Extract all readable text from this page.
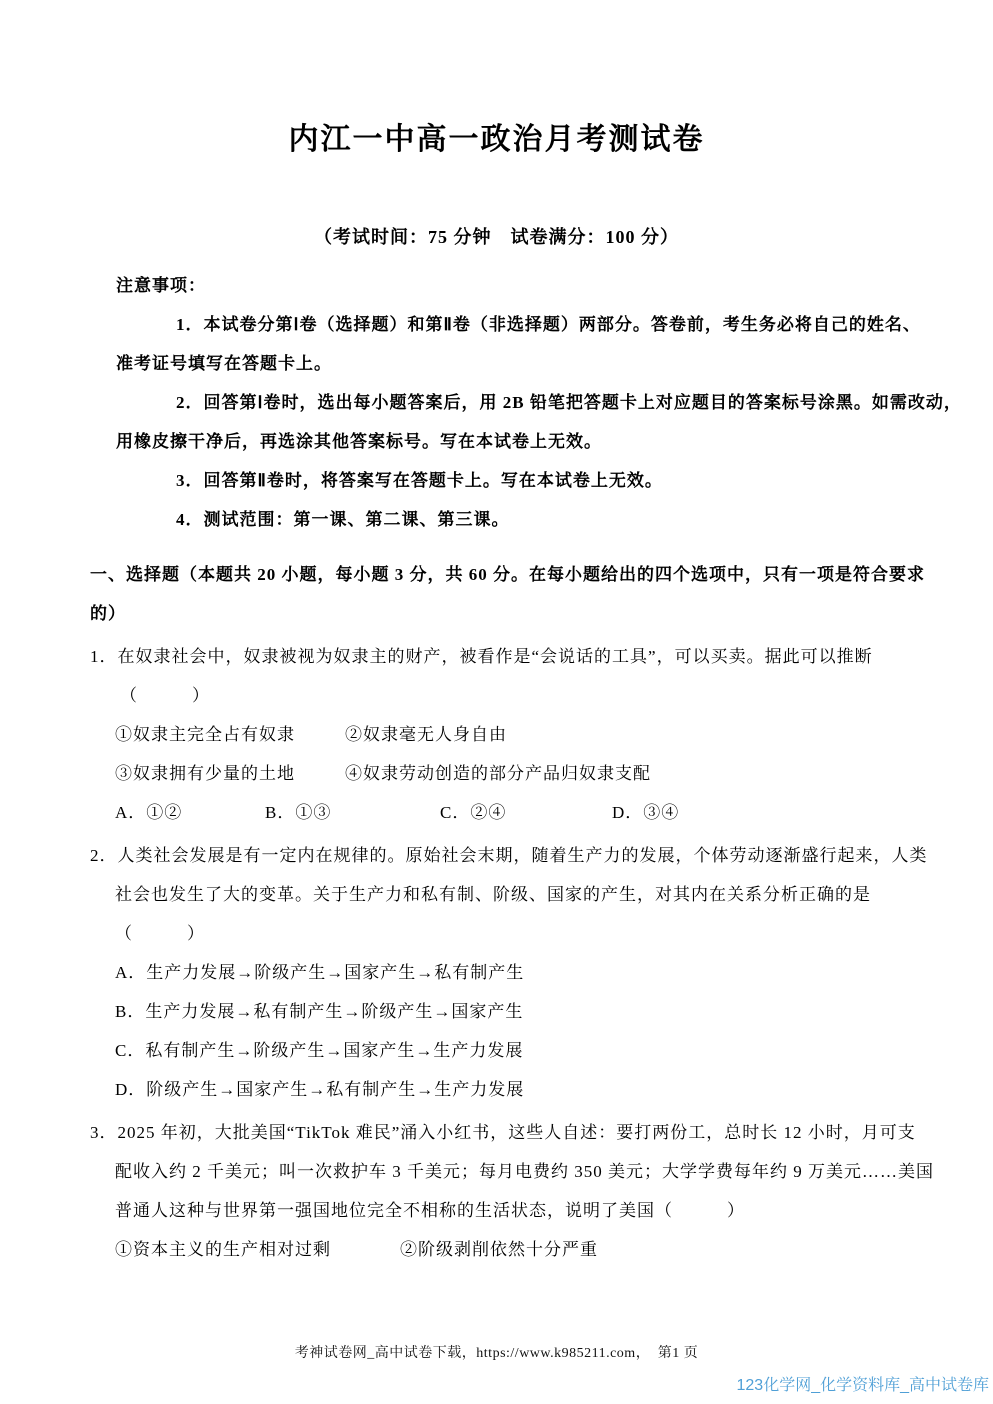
内江一中高一政治月考测试卷
（考试时间：75 分钟　试卷满分：100 分）
注意事项：
1．本试卷分第Ⅰ卷（选择题）和第Ⅱ卷（非选择题）两部分。答卷前，考生务必将自己的姓名、
准考证号填写在答题卡上。
2．回答第Ⅰ卷时，选出每小题答案后，用 2B 铅笔把答题卡上对应题目的答案标号涂黑。如需改动，
用橡皮擦干净后，再选涂其他答案标号。写在本试卷上无效。
3．回答第Ⅱ卷时，将答案写在答题卡上。写在本试卷上无效。
4．测试范围：第一课、第二课、第三课。
一、选择题（本题共 20 小题，每小题 3 分，共 60 分。在每小题给出的四个选项中，只有一项是符合要求
的）
1．在奴隶社会中，奴隶被视为奴隶主的财产，被看作是“会说话的工具”，可以买卖。据此可以推断
（　　　）
①奴隶主完全占有奴隶	②奴隶毫无人身自由
③奴隶拥有少量的土地	④奴隶劳动创造的部分产品归奴隶支配
A．①②	B．①③	C．②④	D．③④
2．人类社会发展是有一定内在规律的。原始社会末期，随着生产力的发展，个体劳动逐渐盛行起来，人类
社会也发生了大的变革。关于生产力和私有制、阶级、国家的产生，对其内在关系分析正确的是
（　　　）
A．生产力发展→阶级产生→国家产生→私有制产生
B．生产力发展→私有制产生→阶级产生→国家产生
C．私有制产生→阶级产生→国家产生→生产力发展
D．阶级产生→国家产生→私有制产生→生产力发展
3．2025 年初，大批美国“TikTok 难民”涌入小红书，这些人自述：要打两份工，总时长 12 小时，月可支
配收入约 2 千美元；叫一次救护车 3 千美元；每月电费约 350 美元；大学学费每年约 9 万美元……美国
普通人这种与世界第一强国地位完全不相称的生活状态，说明了美国（　　　）
①资本主义的生产相对过剩	②阶级剥削依然十分严重
考神试卷网_高中试卷下载，https://www.k985211.com，　第1 页
123化学网_化学资料库_高中试卷库
